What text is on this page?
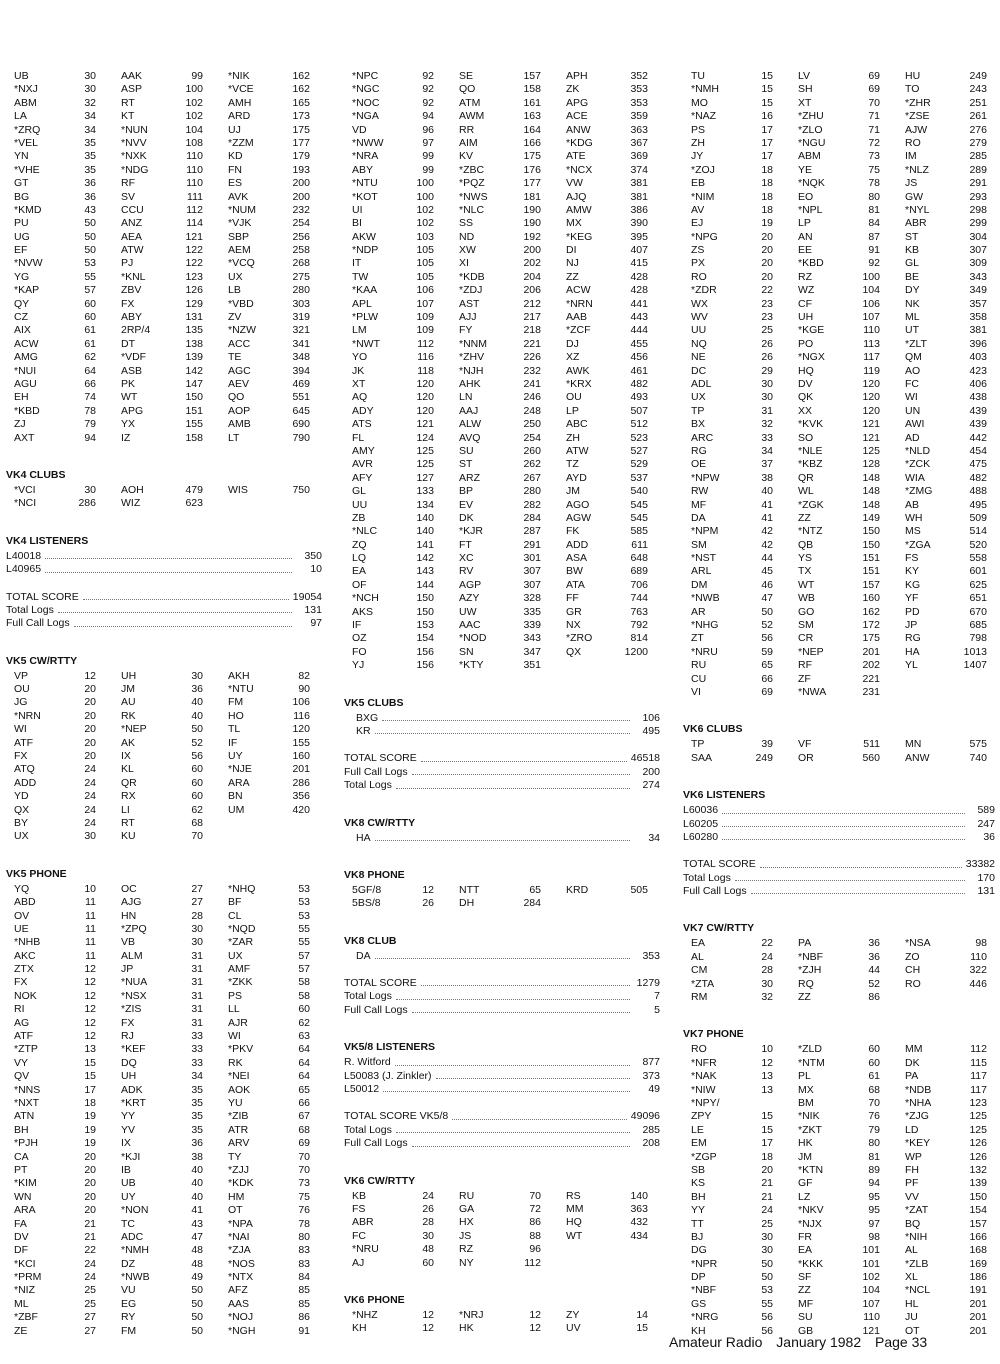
UB	30	AAK	99	*NIK	162
*NXJ	30	ASP	100	*VCE	162
ABM	32	RT	102	AMH	165
LA	34	KT	102	ARD	173
*ZRQ	34	*NUN	104	UJ	175
*VEL	35	*NVV	108	*ZZM	177
YN	35	*NXK	110	KD	179
*VHE	35	*NDG	110	FN	193
GT	36	RF	110	ES	200
BG	36	SV	111	AVK	200
*KMD	43	CCU	112	*NUM	232
PU	50	ANZ	114	*VJK	254
UG	50	AEA	121	SBP	256
EF	50	ATW	122	AEM	258
*NVW	53	PJ	122	*VCQ	268
YG	55	*KNL	123	UX	275
*KAP	57	ZBV	126	LB	280
QY	60	FX	129	*VBD	303
CZ	60	ABY	131	ZV	319
AIX	61	2RP/4	135	*NZW	321
ACW	61	DT	138	ACC	341
AMG	62	*VDF	139	TE	348
*NUI	64	ASB	142	AGC	394
AGU	66	PK	147	AEV	469
EH	74	WT	150	QO	551
*KBD	78	APG	151	AOP	645
ZJ	79	YX	155	AMB	690
AXT	94	IZ	158	LT	790
VK4 CLUBS
*VCI	30	AOH	479	WIS	750
*NCI	286	WIZ	623
VK4 LISTENERS
L40018	350
L40965	10
TOTAL SCORE	19054
Total Logs	131
Full Call Logs	97
VK5 CW/RTTY
VP	12	UH	30	AKH	82
OU	20	JM	36	*NTU	90
JG	20	AU	40	FM	106
*NRN	20	RK	40	HO	116
WI	20	*NEP	50	TL	120
ATF	20	AK	52	IF	155
FX	20	IX	56	UY	160
ATQ	24	KL	60	*NJE	201
ADD	24	QR	60	ARA	286
YD	24	RX	60	BN	356
QX	24	LI	62	UM	420
BY	24	RT	68
UX	30	KU	70
VK5 PHONE
YQ	10	OC	27	*NHQ	53
ABD	11	AJG	27	BF	53
OV	11	HN	28	CL	53
UE	11	*ZPQ	30	*NQD	55
*NHB	11	VB	30	*ZAR	55
AKC	11	ALM	31	UX	57
ZTX	12	JP	31	AMF	57
FX	12	*NUA	31	*ZKK	58
NOK	12	*NSX	31	PS	58
RI	12	*ZIS	31	LL	60
AG	12	FX	31	AJR	62
ATF	12	RJ	33	WI	63
*ZTP	13	*KEF	33	*PKV	64
VY	15	DQ	33	RK	64
QV	15	UH	34	*NEI	64
*NNS	17	ADK	35	AOK	65
*NXT	18	*KRT	35	YU	66
ATN	19	YY	35	*ZIB	67
BH	19	YV	35	ATR	68
*PJH	19	IX	36	ARV	69
CA	20	*KJI	38	TY	70
PT	20	IB	40	*ZJJ	70
*KIM	20	UB	40	*KDK	73
WN	20	UY	40	HM	75
ARA	20	*NON	41	OT	76
FA	21	TC	43	*NPA	78
DV	21	ADC	47	*NAI	80
DF	22	*NMH	48	*ZJA	83
*KCI	24	DZ	48	*NOS	83
*PRM	24	*NWB	49	*NTX	84
*NIZ	25	VU	50	AFZ	85
ML	25	EG	50	AAS	85
*ZBF	27	RY	50	*NOJ	86
ZE	27	FM	50	*NGH	91
*NPC	92	SE	157	APH	352
*NGC	92	QO	158	ZK	353
*NOC	92	ATM	161	APG	353
*NGA	94	AWM	163	ACE	359
VD	96	RR	164	ANW	363
*NWW	97	AIM	166	*KDG	367
*NRA	99	KV	175	ATE	369
ABY	99	*ZBC	176	*NCX	374
*NTU	100	*PQZ	177	VW	381
*KOT	100	*NWS	181	AJQ	381
UI	102	*NLC	190	AMW	386
BI	102	SS	190	MX	390
AKW	103	ND	192	*KEG	395
*NDP	105	XW	200	DI	407
IT	105	XI	202	NJ	415
TW	105	*KDB	204	ZZ	428
*KAA	106	*ZDJ	206	ACW	428
APL	107	AST	212	*NRN	441
*PLW	109	AJJ	217	AAB	443
LM	109	FY	218	*ZCF	444
*NWT	112	*NNM	221	DJ	455
YO	116	*ZHV	226	XZ	456
JK	118	*NJH	232	AWK	461
XT	120	AHK	241	*KRX	482
AQ	120	LN	246	OU	493
ADY	120	AAJ	248	LP	507
ATS	121	ALW	250	ABC	512
FL	124	AVQ	254	ZH	523
AMY	125	SU	260	ATW	527
AVR	125	ST	262	TZ	529
AFY	127	ARZ	267	AYD	537
GL	133	BP	280	JM	540
UU	134	EV	282	AGO	545
ZB	140	DK	284	AGW	545
*NLC	140	*KJR	287	FK	585
ZQ	141	FT	291	ADD	611
LQ	142	XC	301	ASA	648
EA	143	RV	307	BW	689
OF	144	AGP	307	ATA	706
*NCH	150	AZY	328	FF	744
AKS	150	UW	335	GR	763
IF	153	AAC	339	NX	792
OZ	154	*NOD	343	*ZRO	814
FO	156	SN	347	QX	1200
YJ	156	*KTY	351
VK5 CLUBS
BXG	106
KR	495
TOTAL SCORE	46518
Full Call Logs	200
Total Logs	274
VK8 CW/RTTY
HA	34
VK8 PHONE
5GF/8	12	NTT	65	KRD	505
5BS/8	26	DH	284
VK8 CLUB
DA	353
TOTAL SCORE	1279
Total Logs	7
Full Call Logs	5
VK5/8 LISTENERS
R. Witford	877
L50083 (J. Zinkler)	373
L50012	49
TOTAL SCORE VK5/8	49096
Total Logs	285
Full Call Logs	208
VK6 CW/RTTY
KB	24	RU	70	RS	140
FS	26	GA	72	MM	363
ABR	28	HX	86	HQ	432
FC	30	JS	88	WT	434
*NRU	48	RZ	96
AJ	60	NY	112
VK6 PHONE
*NHZ	12	*NRJ	12	ZY	14
KH	12	HK	12	UV	15
TU	15	LV	69	HU	249
*NMH	15	SH	69	TO	243
MO	15	XT	70	*ZHR	251
*NAZ	16	*ZHU	71	*ZSE	261
PS	17	*ZLO	71	AJW	276
ZH	17	*NGU	72	RO	279
JY	17	ABM	73	IM	285
*ZOJ	18	YE	75	*NLZ	289
EB	18	*NQK	78	JS	291
*NIM	18	EO	80	GW	293
AV	18	*NPL	81	*NYL	298
EJ	19	LP	84	ABR	299
*NPG	20	AN	87	ST	304
ZS	20	EE	91	KB	307
PX	20	*KBD	92	GL	309
RO	20	RZ	100	BE	343
*ZDR	22	WZ	104	DY	349
WX	23	CF	106	NK	357
WV	23	UH	107	ML	358
UU	25	*KGE	110	UT	381
NQ	26	PO	113	*ZLT	396
NE	26	*NGX	117	QM	403
DC	29	HQ	119	AO	423
ADL	30	DV	120	FC	406
UX	30	QK	120	WI	438
TP	31	XX	120	UN	439
BX	32	*KVK	121	AWI	439
ARC	33	SO	121	AD	442
RG	34	*NLE	125	*NLD	454
OE	37	*KBZ	128	*ZCK	475
*NPW	38	QR	148	WIA	482
RW	40	WL	148	*ZMG	488
MF	41	*ZGK	148	AB	495
DA	41	ZZ	149	WH	509
*NPM	42	*NTZ	150	MS	514
SM	42	QB	150	*ZGA	520
*NST	44	YS	151	FS	558
ARL	45	TX	151	KY	601
DM	46	WT	157	KG	625
*NWB	47	WB	160	YF	651
AR	50	GO	162	PD	670
*NHG	52	SM	172	JP	685
ZT	56	CR	175	RG	798
*NRU	59	*NEP	201	HA	1013
RU	65	RF	202	YL	1407
CU	66	ZF	221
VI	69	*NWA	231
VK6 CLUBS
TP	39	VF	511	MN	575
SAA	249	OR	560	ANW	740
VK6 LISTENERS
L60036	589
L60205	247
L60280	36
TOTAL SCORE	33382
Total Logs	170
Full Call Logs	131
VK7 CW/RTTY
EA	22	PA	36	*NSA	98
AL	24	*NBF	36	ZO	110
CM	28	*ZJH	44	CH	322
*ZTA	30	RQ	52	RO	446
RM	32	ZZ	86
VK7 PHONE
RO	10	*ZLD	60	MM	112
*NFR	12	*NTM	60	DK	115
*NAK	13	PL	61	PA	117
*NIW	13	MX	68	*NDB	117
*NPY/	BM	70	*NHA	123
ZPY	15	*NIK	76	*ZJG	125
LE	15	*ZKT	79	LD	125
EM	17	HK	80	*KEY	126
*ZGP	18	JM	81	WP	126
SB	20	*KTN	89	FH	132
KS	21	GF	94	PF	139
BH	21	LZ	95	VV	150
YY	24	*NKV	95	*ZAT	154
TT	25	*NJX	97	BQ	157
BJ	30	FR	98	*NIH	166
DG	30	EA	101	AL	168
*NPR	50	*KKK	101	*ZLB	169
DP	50	SF	102	XL	186
*NBF	53	ZZ	104	*NCL	191
GS	55	MF	107	HL	201
*NRG	56	SU	110	JU	201
KH	56	GB	121	OT	201
Amateur Radio January 1982 Page 33
